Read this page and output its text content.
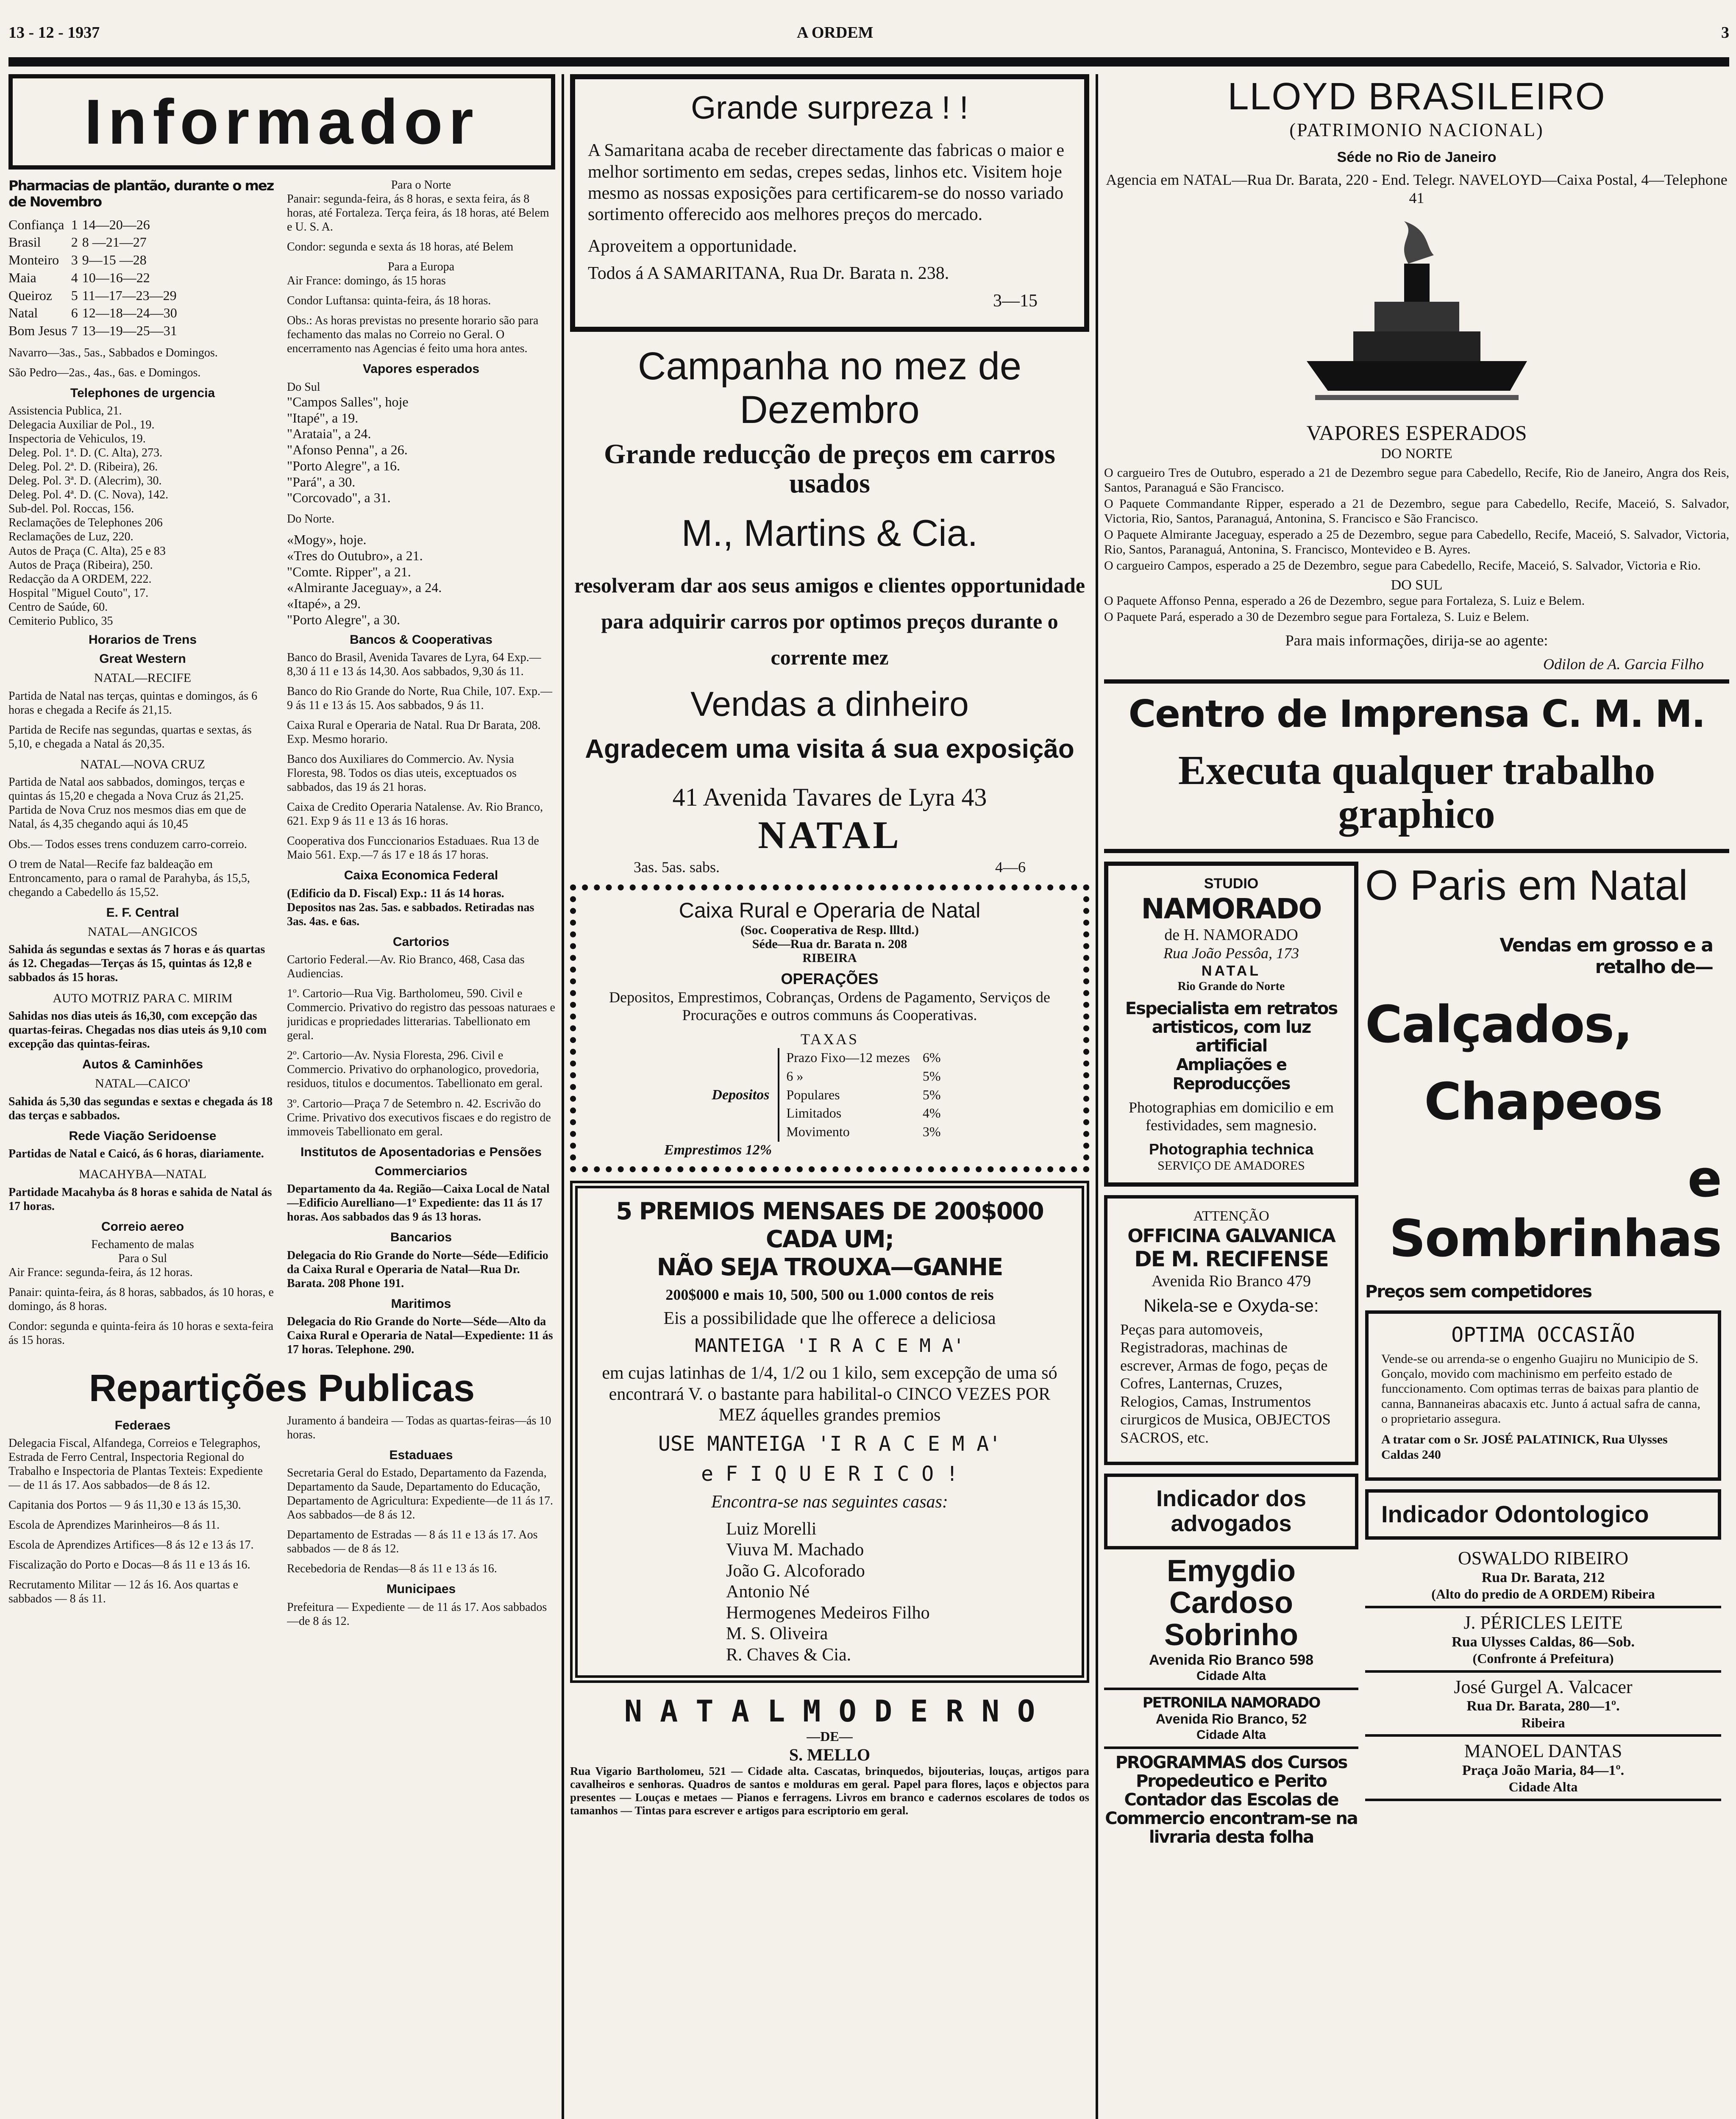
13 - 12 - 1937	A ORDEM	3
Informador

Pharmacias de plantão, durante o mez de Novembro

Confiança	1	14—20—26
Brasil	2	8 —21—27
Monteiro	3	9—15 —28
Maia	4	10—16—22
Queiroz	5	11—17—23—29
Natal	6	12—18—24—30
Bom Jesus	7	13—19—25—31

Navarro—3as., 5as., Sabbados e Domingos.

São Pedro—2as., 4as., 6as. e Domingos.

Telephones de urgencia

Assistencia Publica, 21.

Delegacia Auxiliar de Pol., 19.

Inspectoria de Vehiculos, 19.

Deleg. Pol. 1ª. D. (C. Alta), 273.

Deleg. Pol. 2ª. D. (Ribeira), 26.

Deleg. Pol. 3ª. D. (Alecrim), 30.

Deleg. Pol. 4ª. D. (C. Nova), 142.

Sub-del. Pol. Roccas, 156.

Reclamações de Telephones 206

Reclamações de Luz, 220.

Autos de Praça (C. Alta), 25 e 83

Autos de Praça (Ribeira), 250.

Redacção da A ORDEM, 222.

Hospital "Miguel Couto", 17.

Centro de Saúde, 60.

Cemiterio Publico, 35

Horarios de Trens
Great Western
NATAL—RECIFE

Partida de Natal nas terças, quintas e domingos, ás 6 horas e chegada a Recife ás 21,15.

Partida de Recife nas segundas, quartas e sextas, ás 5,10, e chegada a Natal ás 20,35.

NATAL—NOVA CRUZ

Partida de Natal aos sabbados, domingos, terças e quintas ás 15,20 e chegada a Nova Cruz ás 21,25. Partida de Nova Cruz nos mesmos dias em que de Natal, ás 4,35 chegando aqui ás 10,45

Obs.— Todos esses trens conduzem carro-correio.

O trem de Natal—Recife faz baldeação em Entroncamento, para o ramal de Parahyba, ás 15,5, chegando a Cabedello ás 15,52.

E. F. Central
NATAL—ANGICOS

Sahida ás segundas e sextas ás 7 horas e ás quartas ás 12. Chegadas—Terças ás 15, quintas ás 12,8 e sabbados ás 15 horas.

AUTO MOTRIZ PARA C. MIRIM

Sahidas nos dias uteis ás 16,30, com excepção das quartas-feiras. Chegadas nos dias uteis ás 9,10 com excepção das quintas-feiras.

Autos & Caminhões
NATAL—CAICO'

Sahida ás 5,30 das segundas e sextas e chegada ás 18 das terças e sabbados.

Rede Viação Seridoense

Partidas de Natal e Caicó, ás 6 horas, diariamente.

MACAHYBA—NATAL

Partidade Macahyba ás 8 horas e sahida de Natal ás 17 horas.

Correio aereo

Fechamento de malas

Para o Sul

Air France: segunda-feira, ás 12 horas.

Panair: quinta-feira, ás 8 horas, sabbados, ás 10 horas, e domingo, ás 8 horas.

Condor: segunda e quinta-feira ás 10 horas e sexta-feira ás 15 horas.

Para o Norte

Panair: segunda-feira, ás 8 horas, e sexta feira, ás 8 horas, até Fortaleza. Terça feira, ás 18 horas, até Belem e U. S. A.

Condor: segunda e sexta ás 18 horas, até Belem

Para a Europa

Air France: domingo, ás 15 horas

Condor Luftansa: quinta-feira, ás 18 horas.

Obs.: As horas previstas no presente horario são para fechamento das malas no Correio no Geral. O encerramento nas Agencias é feito uma hora antes.

Vapores esperados

Do Sul

"Campos Salles", hoje

"Itapé", a 19.

"Arataia", a 24.

"Afonso Penna", a 26.

"Porto Alegre", a 16.

"Pará", a 30.

"Corcovado", a 31.

Do Norte.

«Mogy», hoje.

«Tres do Outubro», a 21.

"Comte. Ripper", a 21.

«Almirante Jaceguay», a 24.

«Itapé», a 29.

"Porto Alegre", a 30.

Bancos & Cooperativas

Banco do Brasil, Avenida Tavares de Lyra, 64 Exp.—8,30 á 11 e 13 ás 14,30. Aos sabbados, 9,30 ás 11.

Banco do Rio Grande do Norte, Rua Chile, 107. Exp.—9 ás 11 e 13 ás 15. Aos sabbados, 9 ás 11.

Caixa Rural e Operaria de Natal. Rua Dr Barata, 208. Exp. Mesmo horario.

Banco dos Auxiliares do Commercio. Av. Nysia Floresta, 98. Todos os dias uteis, exceptuados os sabbados, das 19 ás 21 horas.

Caixa de Credito Operaria Natalense. Av. Rio Branco, 621. Exp 9 ás 11 e 13 ás 16 horas.

Cooperativa dos Funccionarios Estaduaes. Rua 13 de Maio 561. Exp.—7 ás 17 e 18 ás 17 horas.

Caixa Economica Federal

(Edificio da D. Fiscal) Exp.: 11 ás 14 horas. Depositos nas 2as. 5as. e sabbados. Retiradas nas 3as. 4as. e 6as.

Cartorios

Cartorio Federal.—Av. Rio Branco, 468, Casa das Audiencias.

1º. Cartorio—Rua Vig. Bartholomeu, 590. Civil e Commercio. Privativo do registro das pessoas naturaes e juridicas e propriedades litterarias. Tabellionato em geral.

2º. Cartorio—Av. Nysia Floresta, 296. Civil e Commercio. Privativo do orphanologico, provedoria, residuos, titulos e documentos. Tabellionato em geral.

3º. Cartorio—Praça 7 de Setembro n. 42. Escrivão do Crime. Privativo dos executivos fiscaes e do registro de immoveis Tabellionato em geral.

Institutos de Aposentadorias e Pensões
Commerciarios

Departamento da 4a. Região—Caixa Local de Natal—Edificio Aurelliano—1º Expediente: das 11 ás 17 horas. Aos sabbados das 9 ás 13 horas.

Bancarios

Delegacia do Rio Grande do Norte—Séde—Edificio da Caixa Rural e Operaria de Natal—Rua Dr. Barata. 208 Phone 191.

Maritimos

Delegacia do Rio Grande do Norte—Séde—Alto da Caixa Rural e Operaria de Natal—Expediente: 11 ás 17 horas. Telephone. 290.

Repartições Publicas
Federaes

Delegacia Fiscal, Alfandega, Correios e Telegraphos, Estrada de Ferro Central, Inspectoria Regional do Trabalho e Inspectoria de Plantas Texteis: Expediente — de 11 ás 17. Aos sabbados—de 8 ás 12.

Capitania dos Portos — 9 ás 11,30 e 13 ás 15,30.

Escola de Aprendizes Marinheiros—8 ás 11.

Escola de Aprendizes Artifices—8 ás 12 e 13 ás 17.

Fiscalização do Porto e Docas—8 ás 11 e 13 ás 16.

Recrutamento Militar — 12 ás 16. Aos quartas e sabbados — 8 ás 11.

Juramento á bandeira — Todas as quartas-feiras—ás 10 horas.

Estaduaes

Secretaria Geral do Estado, Departamento da Fazenda, Departamento da Saude, Departamento do Educação, Departamento de Agricultura: Expediente—de 11 ás 17. Aos sabbados—de 8 ás 12.

Departamento de Estradas — 8 ás 11 e 13 ás 17. Aos sabbados — de 8 ás 12.

Recebedoria de Rendas—8 ás 11 e 13 ás 16.

Municipaes

Prefeitura — Expediente — de 11 ás 17. Aos sabbados—de 8 ás 12.

Grande surpreza ! !

A Samaritana acaba de receber directamente das fabricas o maior e melhor sortimento em sedas, crepes sedas, linhos etc. Visitem hoje mesmo as nossas exposições para certificarem-se do nosso variado sortimento offerecido aos melhores preços do mercado.

Aproveitem a opportunidade.

Todos á A SAMARITANA, Rua Dr. Barata n. 238.

3—15

Campanha no mez de Dezembro
Grande reducção de preços em carros usados
M., Martins & Cia.

resolveram dar aos seus amigos e clientes opportunidade para adquirir carros por optimos preços durante o corrente mez

Vendas a dinheiro
Agradecem uma visita á sua exposição
41 Avenida Tavares de Lyra 43
NATAL
3as. 5as. sabs.	4—6
Caixa Rural e Operaria de Natal
(Soc. Cooperativa de Resp. llltd.)
Séde—Rua dr. Barata n. 208
RIBEIRA
OPERAÇÕES

Depositos, Emprestimos, Cobranças, Ordens de Pagamento, Serviços de Procurações e outros communs ás Cooperativas.

TAXAS
Depositos
Prazo Fixo—12 mezes	6%
6 »	5%
Populares	5%
Limitados	4%
Movimento	3%
Emprestimos 12%
5 PREMIOS MENSAES DE 200$000 CADA UM;
NÃO SEJA TROUXA—GANHE
200$000 e mais 10, 500, 500 ou 1.000 contos de reis

Eis a possibilidade que lhe offerece a deliciosa

MANTEIGA 'I R A C E M A'

em cujas latinhas de 1/4, 1/2 ou 1 kilo, sem excepção de uma só encontrará V. o bastante para habilital-o CINCO VEZES POR MEZ áquelles grandes premios

USE MANTEIGA 'I R A C E M A'

e F I Q U E R I C O !

Encontra-se nas seguintes casas:

Luiz Morelli

Viuva M. Machado

João G. Alcoforado

Antonio Né

Hermogenes Medeiros Filho

M. S. Oliveira

R. Chaves & Cia.

N A T A L M O D E R N O
—DE—
S. MELLO

Rua Vigario Bartholomeu, 521 — Cidade alta. Cascatas, brinquedos, bijouterias, louças, artigos para cavalheiros e senhoras. Quadros de santos e molduras em geral. Papel para flores, laços e objectos para presentes — Louças e metaes — Pianos e ferragens. Livros em branco e cadernos escolares de todos os tamanhos — Tintas para escrever e artigos para escriptorio em geral.

LLOYD BRASILEIRO
(PATRIMONIO NACIONAL)
Séde no Rio de Janeiro

Agencia em NATAL—Rua Dr. Barata, 220 - End. Telegr. NAVELOYD—Caixa Postal, 4—Telephone 41

VAPORES ESPERADOS
DO NORTE

O cargueiro Tres de Outubro, esperado a 21 de Dezembro segue para Cabedello, Recife, Rio de Janeiro, Angra dos Reis, Santos, Paranaguá e São Francisco.

O Paquete Commandante Ripper, esperado a 21 de Dezembro, segue para Cabedello, Recife, Maceió, S. Salvador, Victoria, Rio, Santos, Paranaguá, Antonina, S. Francisco e São Francisco.

O Paquete Almirante Jaceguay, esperado a 25 de Dezembro, segue para Cabedello, Recife, Maceió, S. Salvador, Victoria, Rio, Santos, Paranaguá, Antonina, S. Francisco, Montevideo e B. Ayres.

O cargueiro Campos, esperado a 25 de Dezembro, segue para Cabedello, Recife, Maceió, S. Salvador, Victoria e Rio.

DO SUL

O Paquete Affonso Penna, esperado a 26 de Dezembro, segue para Fortaleza, S. Luiz e Belem.

O Paquete Pará, esperado a 30 de Dezembro segue para Fortaleza, S. Luiz e Belem.

Para mais informações, dirija-se ao agente:

Odilon de A. Garcia Filho

Centro de Imprensa C. M. M.
Executa qualquer trabalho graphico
STUDIO NAMORADO
de H. NAMORADO
Rua João Pessôa, 173
NATAL
Rio Grande do Norte
Especialista em retratos artisticos, com luz artificial
Ampliações e Reproducções

Photographias em domicilio e em festividades, sem magnesio.

Photographia technica
SERVIÇO DE AMADORES
ATTENÇÃO
OFFICINA GALVANICA
DE M. RECIFENSE
Avenida Rio Branco 479
Nikela-se e Oxyda-se:

Peças para automoveis, Registradoras, machinas de escrever, Armas de fogo, peças de Cofres, Lanternas, Cruzes, Relogios, Camas, Instrumentos cirurgicos de Musica, OBJECTOS SACROS, etc.

Indicador dos advogados
Emygdio Cardoso Sobrinho
Avenida Rio Branco 598
Cidade Alta
PETRONILA NAMORADO
Avenida Rio Branco, 52
Cidade Alta
PROGRAMMAS dos Cursos Propedeutico e Perito Contador das Escolas de Commercio encontram-se na livraria desta folha
O Paris em Natal
Vendas em grosso e a retalho de—
Calçados,
Chapeos
e Sombrinhas
Preços sem competidores
OPTIMA OCCASIÃO

Vende-se ou arrenda-se o engenho Guajiru no Municipio de S. Gonçalo, movido com machinismo em perfeito estado de funccionamento. Com optimas terras de baixas para plantio de canna, Bannaneiras abacaxis etc. Junto á actual safra de canna, o proprietario assegura.

A tratar com o Sr. JOSÉ PALATINICK, Rua Ulysses Caldas 240

Indicador Odontologico
OSWALDO RIBEIRO
Rua Dr. Barata, 212
(Alto do predio de A ORDEM) Ribeira
J. PÉRICLES LEITE
Rua Ulysses Caldas, 86—Sob.
(Confronte á Prefeitura)
José Gurgel A. Valcacer
Rua Dr. Barata, 280—1º.
Ribeira
MANOEL DANTAS
Praça João Maria, 84—1º.
Cidade Alta
